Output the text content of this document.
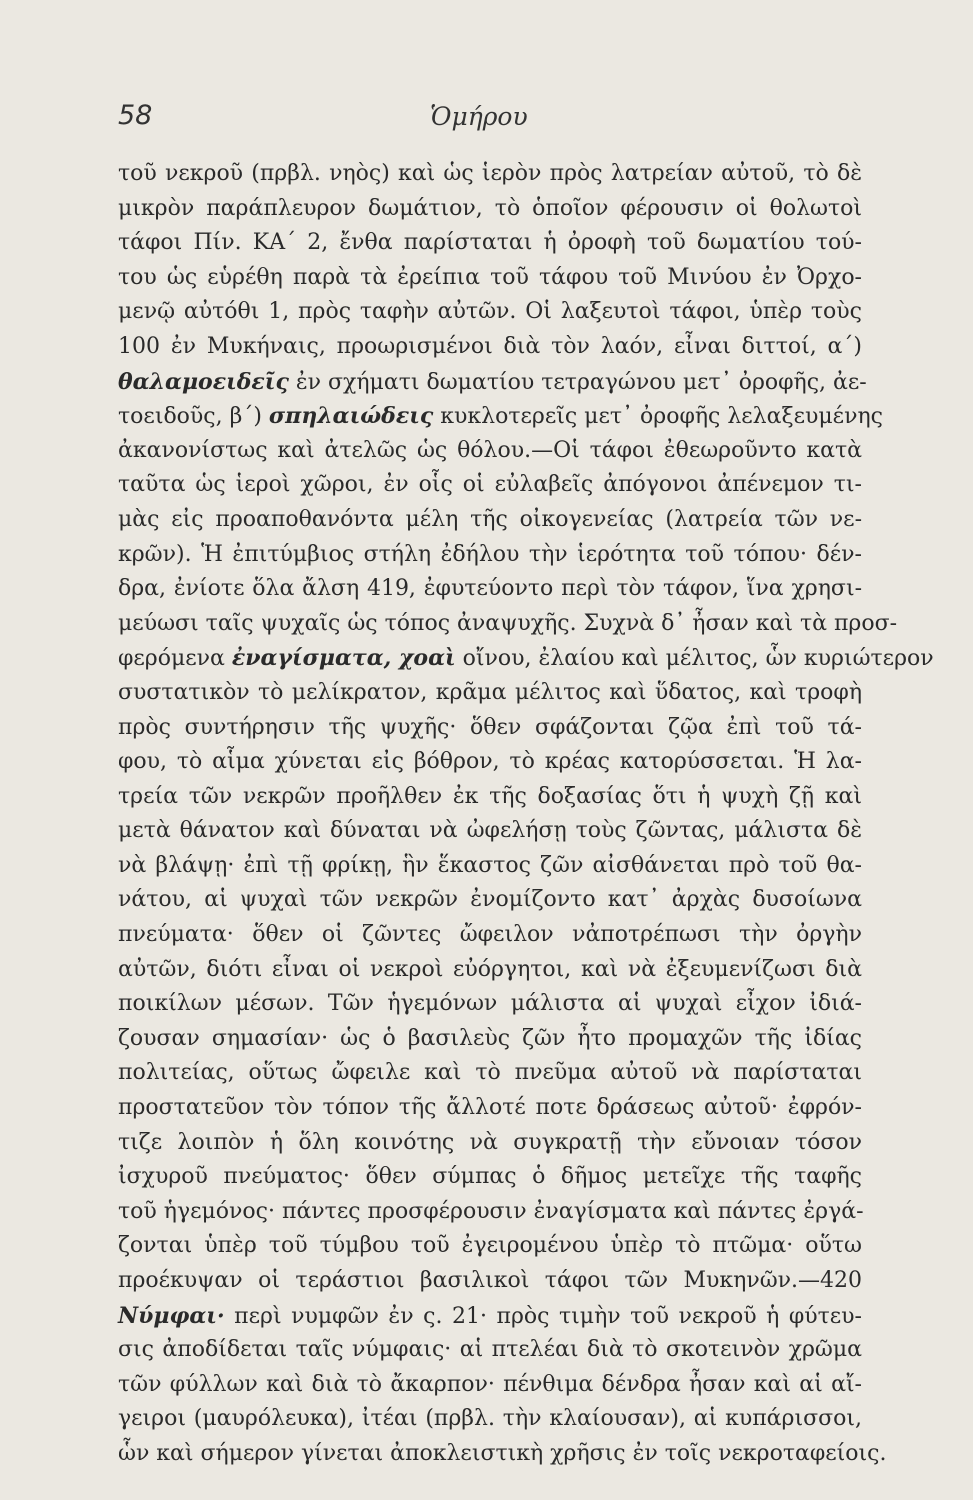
58	Ὁμήρου
τοῦ νεκροῦ (πρβλ. νηὸς) καὶ ὡς ἱερὸν πρὸς λατρείαν αὐτοῦ, τὸ δὲ
μικρὸν παράπλευρον δωμάτιον, τὸ ὁποῖον φέρουσιν οἱ θολωτοὶ
τάφοι Πίν. ΚΑ΄ 2, ἔνθα παρίσταται ἡ ὀροφὴ τοῦ δωματίου τού-
του ὡς εὑρέθη παρὰ τὰ ἐρείπια τοῦ τάφου τοῦ Μινύου ἐν Ὀρχο-
μενῷ αὐτόθι 1, πρὸς ταφὴν αὐτῶν. Οἱ λαξευτοὶ τάφοι, ὑπὲρ τοὺς
100 ἐν Μυκήναις, προωρισμένοι διὰ τὸν λαόν, εἶναι διττοί, α΄)
θαλαμοειδεῖς ἐν σχήματι δωματίου τετραγώνου μετ᾽ ὀροφῆς, ἀε-
τοειδοῦς, β΄) σπηλαιώδεις κυκλοτερεῖς μετ᾽ ὀροφῆς λελαξευμένης
ἀκανονίστως καὶ ἀτελῶς ὡς θόλου.—Οἱ τάφοι ἐθεωροῦντο κατὰ
ταῦτα ὡς ἱεροὶ χῶροι, ἐν οἷς οἱ εὐλαβεῖς ἀπόγονοι ἀπένεμον τι-
μὰς εἰς προαποθανόντα μέλη τῆς οἰκογενείας (λατρεία τῶν νε-
κρῶν). Ἡ ἐπιτύμβιος στήλη ἐδήλου τὴν ἱερότητα τοῦ τόπου· δέν-
δρα, ἐνίοτε ὅλα ἄλση 419, ἐφυτεύοντο περὶ τὸν τάφον, ἵνα χρησι-
μεύωσι ταῖς ψυχαῖς ὡς τόπος ἀναψυχῆς. Συχνὰ δ᾽ ἦσαν καὶ τὰ προσ-
φερόμενα ἐναγίσματα, χοαὶ οἴνου, ἐλαίου καὶ μέλιτος, ὧν κυριώτερον
συστατικὸν τὸ μελίκρατον, κρᾶμα μέλιτος καὶ ὕδατος, καὶ τροφὴ
πρὸς συντήρησιν τῆς ψυχῆς· ὅθεν σφάζονται ζῷα ἐπὶ τοῦ τά-
φου, τὸ αἷμα χύνεται εἰς βόθρον, τὸ κρέας κατορύσσεται. Ἡ λα-
τρεία τῶν νεκρῶν προῆλθεν ἐκ τῆς δοξασίας ὅτι ἡ ψυχὴ ζῇ καὶ
μετὰ θάνατον καὶ δύναται νὰ ὠφελήσῃ τοὺς ζῶντας, μάλιστα δὲ
νὰ βλάψῃ· ἐπὶ τῇ φρίκῃ, ἣν ἕκαστος ζῶν αἰσθάνεται πρὸ τοῦ θα-
νάτου, αἱ ψυχαὶ τῶν νεκρῶν ἐνομίζοντο κατ᾽ ἀρχὰς δυσοίωνα
πνεύματα· ὅθεν οἱ ζῶντες ὤφειλον νἀποτρέπωσι τὴν ὀργὴν
αὐτῶν, διότι εἶναι οἱ νεκροὶ εὐόργητοι, καὶ νὰ ἐξευμενίζωσι διὰ
ποικίλων μέσων. Τῶν ἡγεμόνων μάλιστα αἱ ψυχαὶ εἶχον ἰδιά-
ζουσαν σημασίαν· ὡς ὁ βασιλεὺς ζῶν ἦτο προμαχῶν τῆς ἰδίας
πολιτείας, οὕτως ὤφειλε καὶ τὸ πνεῦμα αὐτοῦ νὰ παρίσταται
προστατεῦον τὸν τόπον τῆς ἄλλοτέ ποτε δράσεως αὐτοῦ· ἐφρόν-
τιζε λοιπὸν ἡ ὅλη κοινότης νὰ συγκρατῇ τὴν εὔνοιαν τόσον
ἰσχυροῦ πνεύματος· ὅθεν σύμπας ὁ δῆμος μετεῖχε τῆς ταφῆς
τοῦ ἡγεμόνος· πάντες προσφέρουσιν ἐναγίσματα καὶ πάντες ἐργά-
ζονται ὑπὲρ τοῦ τύμβου τοῦ ἐγειρομένου ὑπὲρ τὸ πτῶμα· οὕτω
προέκυψαν οἱ τεράστιοι βασιλικοὶ τάφοι τῶν Μυκηνῶν.—420
Νύμφαι· περὶ νυμφῶν ἐν ς. 21· πρὸς τιμὴν τοῦ νεκροῦ ἡ φύτευ-
σις ἀποδίδεται ταῖς νύμφαις· αἱ πτελέαι διὰ τὸ σκοτεινὸν χρῶμα
τῶν φύλλων καὶ διὰ τὸ ἄκαρπον· πένθιμα δένδρα ἦσαν καὶ αἱ αἴ-
γειροι (μαυρόλευκα), ἰτέαι (πρβλ. τὴν κλαίουσαν), αἱ κυπάρισσοι,
ὧν καὶ σήμερον γίνεται ἀποκλειστικὴ χρῆσις ἐν τοῖς νεκροταφείοις.
